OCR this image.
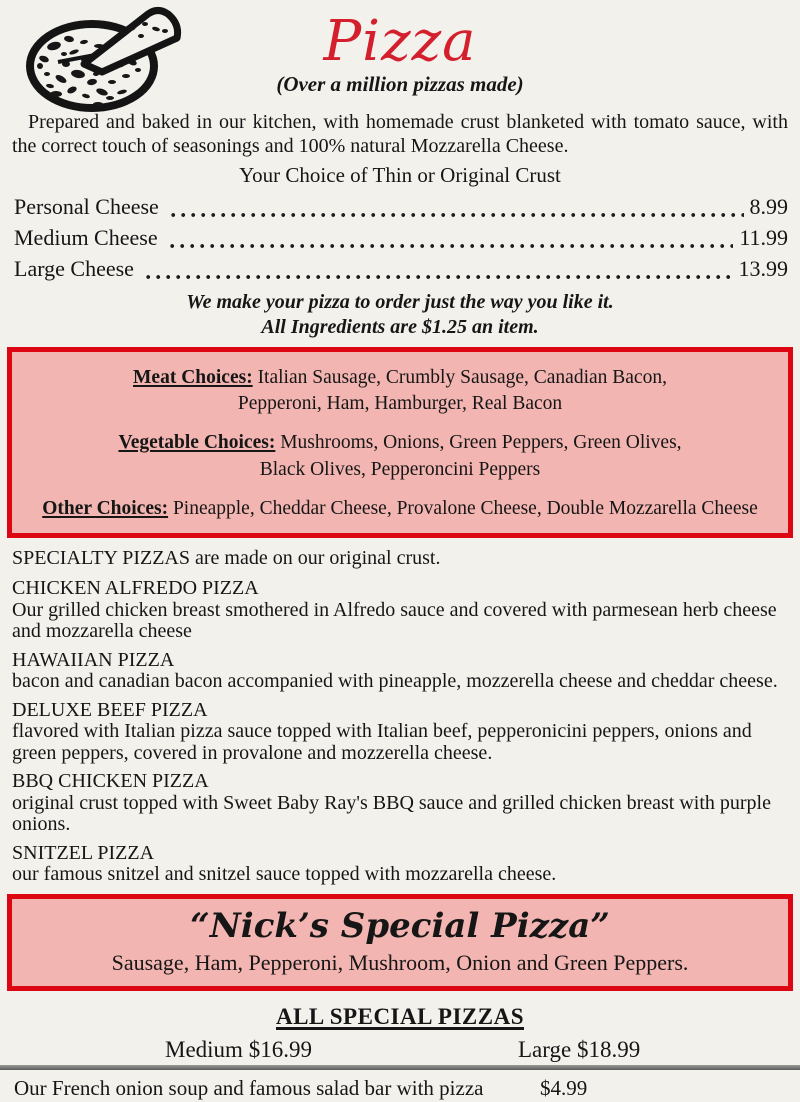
Pizza
(Over a million pizzas made)

Prepared and baked in our kitchen, with homemade crust blanketed with tomato sauce, with the correct touch of seasonings and 100% natural Mozzarella Cheese.

Your Choice of Thin or Original Crust
Personal Cheese	8.99
Medium Cheese	11.99
Large Cheese	13.99
We make your pizza to order just the way you like it.
All Ingredients are $1.25 an item.
Meat Choices: Italian Sausage, Crumbly Sausage, Canadian Bacon,
Pepperoni, Ham, Hamburger, Real Bacon
Vegetable Choices: Mushrooms, Onions, Green Peppers, Green Olives,
Black Olives, Pepperoncini Peppers
Other Choices: Pineapple, Cheddar Cheese, Provalone Cheese, Double Mozzarella Cheese
SPECIALTY PIZZAS are made on our original crust.
CHICKEN ALFREDO PIZZA
Our grilled chicken breast smothered in Alfredo sauce and covered with parmesean herb cheese and mozzarella cheese
HAWAIIAN PIZZA
bacon and canadian bacon accompanied with pineapple, mozzerella cheese and cheddar cheese.
DELUXE BEEF PIZZA
flavored with Italian pizza sauce topped with Italian beef, pepperonicini peppers, onions and green peppers, covered in provalone and mozzerella cheese.
BBQ CHICKEN PIZZA
original crust topped with Sweet Baby Ray's BBQ sauce and grilled chicken breast with purple onions.
SNITZEL PIZZA
our famous snitzel and snitzel sauce topped with mozzarella cheese.
“Nick’s Special Pizza”
Sausage, Ham, Pepperoni, Mushroom, Onion and Green Peppers.
ALL SPECIAL PIZZAS
Medium $16.99	Large $18.99
Our French onion soup and famous salad bar with pizza	$4.99
